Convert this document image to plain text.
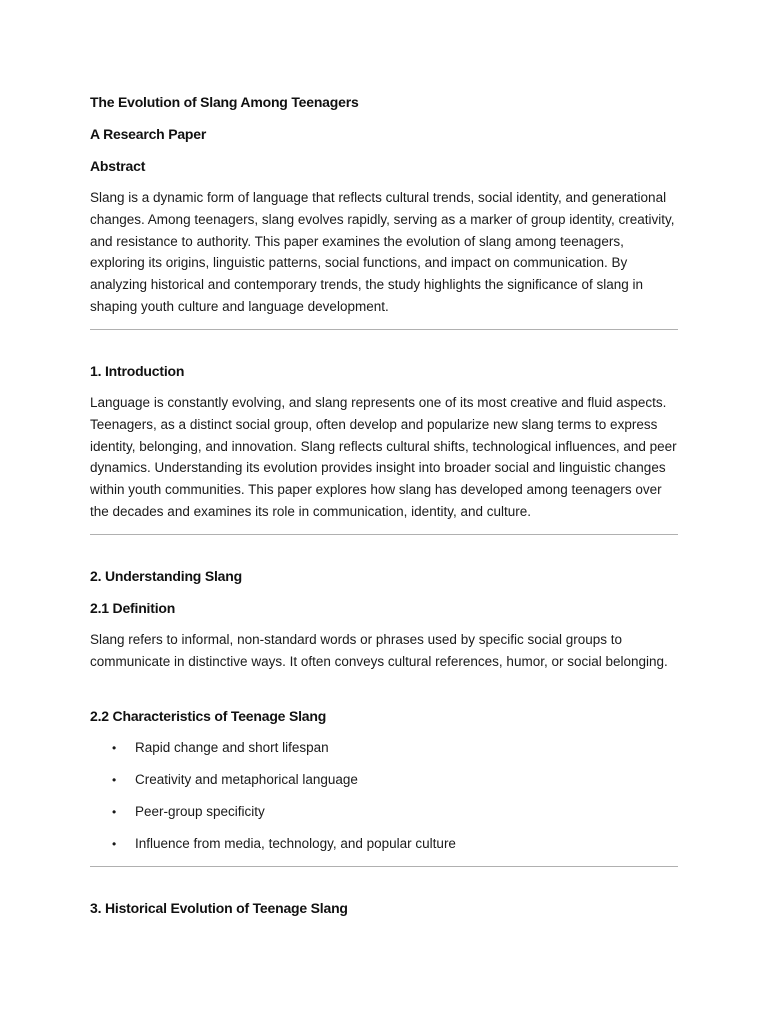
The Evolution of Slang Among Teenagers
A Research Paper
Abstract
Slang is a dynamic form of language that reflects cultural trends, social identity, and generational changes. Among teenagers, slang evolves rapidly, serving as a marker of group identity, creativity, and resistance to authority. This paper examines the evolution of slang among teenagers, exploring its origins, linguistic patterns, social functions, and impact on communication. By analyzing historical and contemporary trends, the study highlights the significance of slang in shaping youth culture and language development.
1. Introduction
Language is constantly evolving, and slang represents one of its most creative and fluid aspects. Teenagers, as a distinct social group, often develop and popularize new slang terms to express identity, belonging, and innovation. Slang reflects cultural shifts, technological influences, and peer dynamics. Understanding its evolution provides insight into broader social and linguistic changes within youth communities. This paper explores how slang has developed among teenagers over the decades and examines its role in communication, identity, and culture.
2. Understanding Slang
2.1 Definition
Slang refers to informal, non-standard words or phrases used by specific social groups to communicate in distinctive ways. It often conveys cultural references, humor, or social belonging.
2.2 Characteristics of Teenage Slang
• Rapid change and short lifespan
• Creativity and metaphorical language
• Peer-group specificity
• Influence from media, technology, and popular culture
3. Historical Evolution of Teenage Slang
